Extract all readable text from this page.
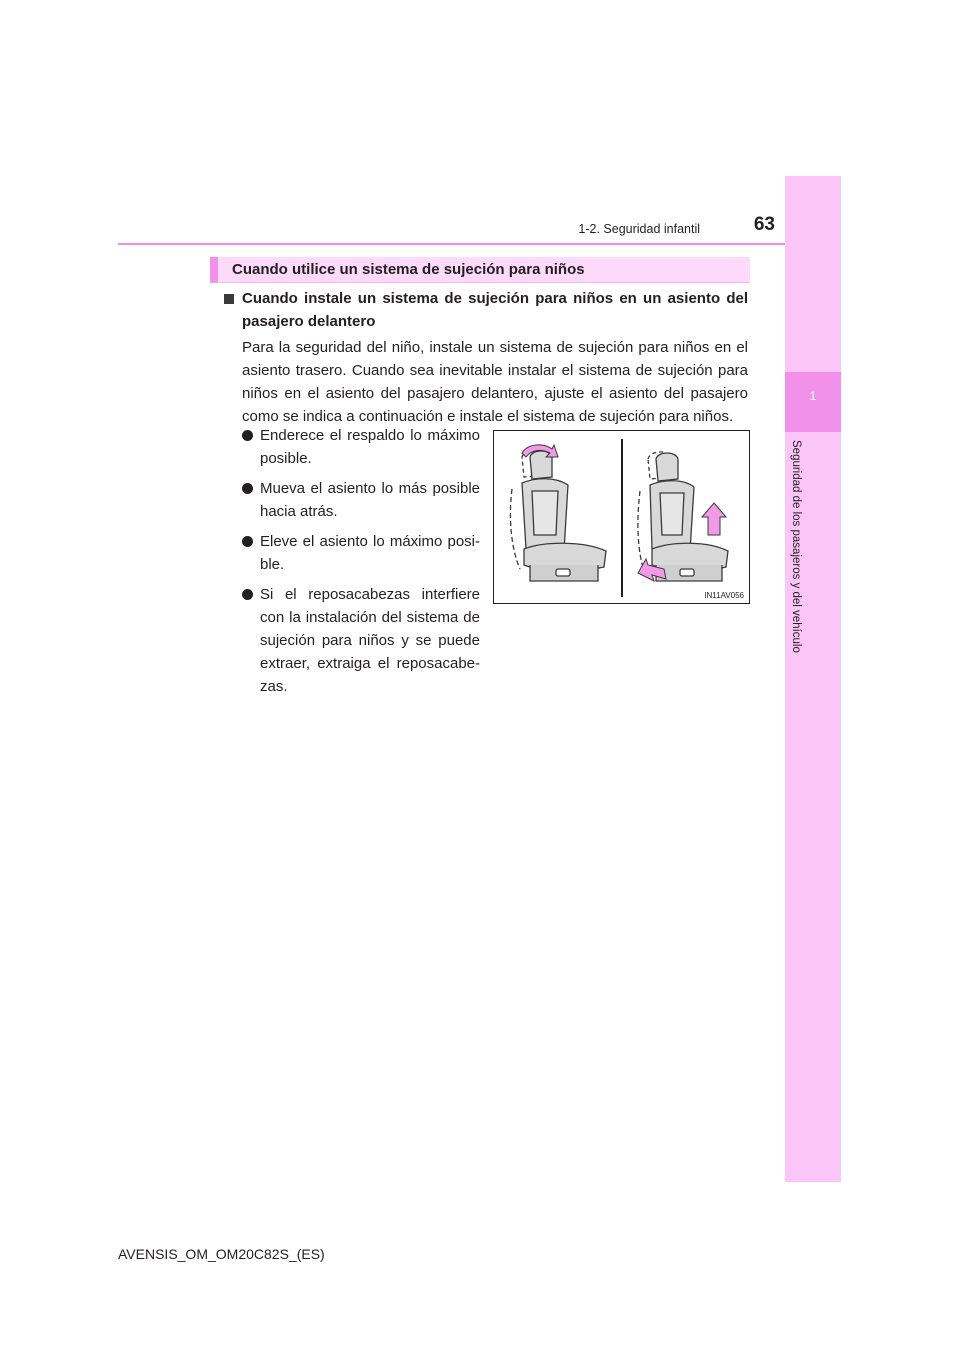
1-2. Seguridad infantil	63
1
Seguridad de los pasajeros y del vehículo
Cuando utilice un sistema de sujeción para niños
Cuando instale un sistema de sujeción para niños en un asiento del pasajero delantero
Para la seguridad del niño, instale un sistema de sujeción para niños en el asiento trasero. Cuando sea inevitable instalar el sistema de sujeción para niños en el asiento del pasajero delantero, ajuste el asiento del pasajero como se indica a continuación e instale el sistema de sujeción para niños.
Enderece el respaldo lo máximo posible.
Mueva el asiento lo más posible hacia atrás.
Eleve el asiento lo máximo posi-ble.
Si el reposacabezas interfiere con la instalación del sistema de sujeción para niños y se puede extraer, extraiga el reposacabe-zas.
IN11AV056
AVENSIS_OM_OM20C82S_(ES)
